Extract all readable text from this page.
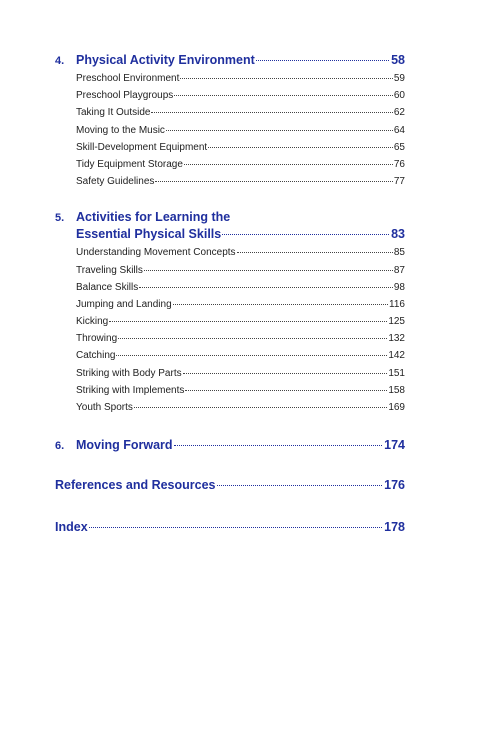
4. Physical Activity Environment	58
Preschool Environment	59
Preschool Playgroups	60
Taking It Outside	62
Moving to the Music	64
Skill-Development Equipment	65
Tidy Equipment Storage	76
Safety Guidelines	77
5. Activities for Learning the
Essential Physical Skills	83
Understanding Movement Concepts	85
Traveling Skills	87
Balance Skills	98
Jumping and Landing	116
Kicking	125
Throwing	132
Catching	142
Striking with Body Parts	151
Striking with Implements	158
Youth Sports	169
6. Moving Forward	174
References and Resources	176
Index	178
